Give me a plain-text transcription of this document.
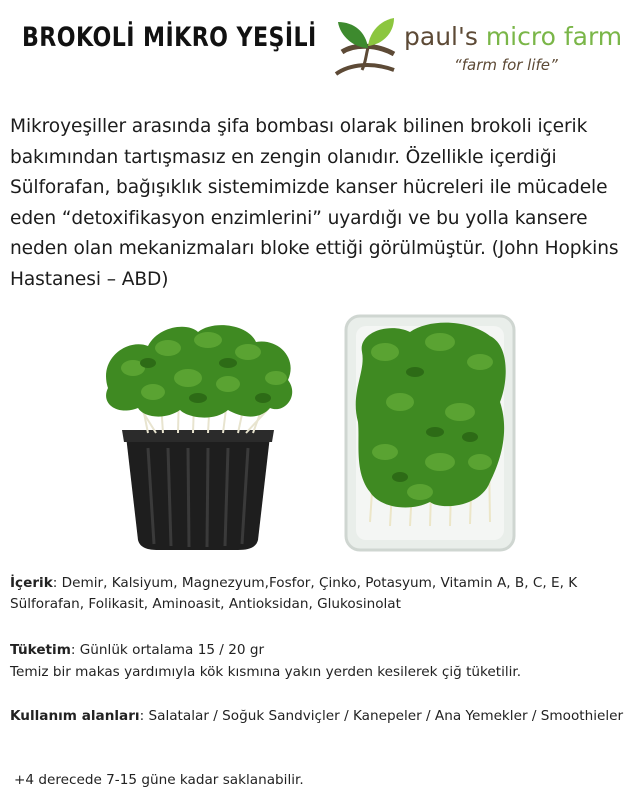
BROKOLİ MİKRO YEŞİLİ	paul's micro farm
“farm for life”

Mikroyeşiller arasında şifa bombası olarak bilinen brokoli içerik bakımından tartışmasız en zengin olanıdır. Özellikle içerdiği Sülforafan, bağışıklık sistemimizde kanser hücreleri ile mücadele eden “detoxifikasyon enzimlerini” uyardığı ve bu yolla kansere neden olan mekanizmaları bloke ettiği görülmüştür. (John Hopkins Hastanesi – ABD)

İçerik: Demir, Kalsiyum, Magnezyum,Fosfor, Çinko, Potasyum, Vitamin A, B, C, E, K Sülforafan, Folikasit, Aminoasit, Antioksidan, Glukosinolat

Tüketim: Günlük ortalama 15 / 20 gr

Temiz bir makas yardımıyla kök kısmına yakın yerden kesilerek çiğ tüketilir.

Kullanım alanları: Salatalar / Soğuk Sandviçler / Kanepeler / Ana Yemekler / Smoothieler

+4 derecede 7-15 güne kadar saklanabilir.
